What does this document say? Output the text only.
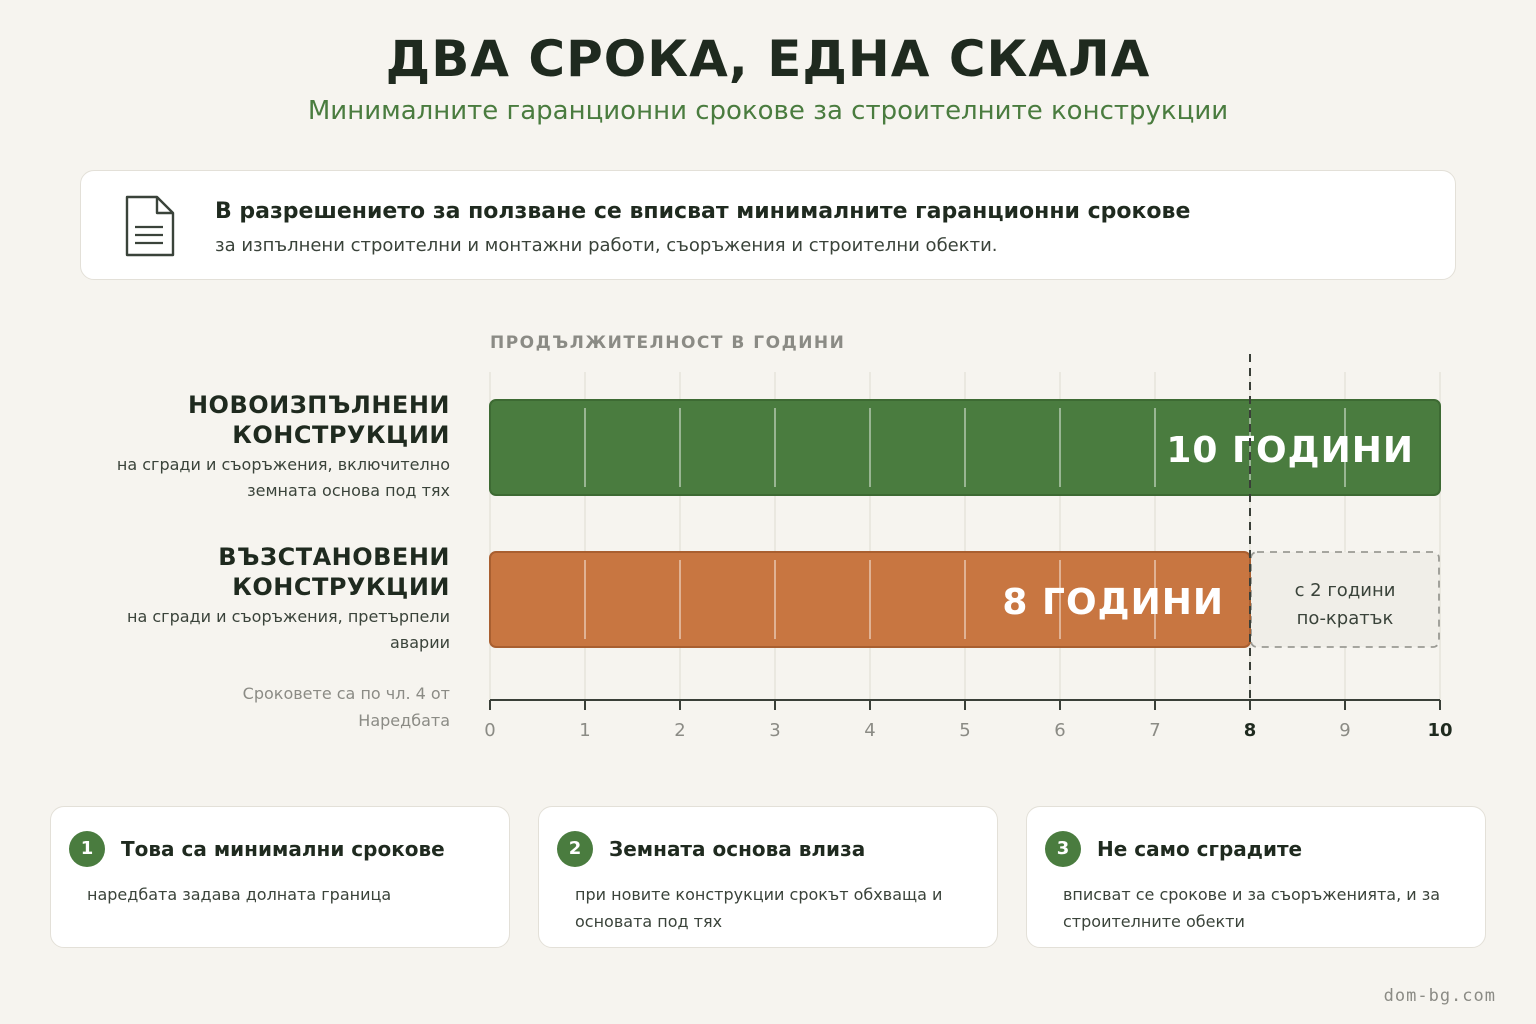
ДВА СРОКА, ЕДНА СКАЛА
Минималните гаранционни срокове за строителните конструкции
В разрешението за ползване се вписват минималните гаранционни срокове
за изпълнени строителни и монтажни работи, съоръжения и строителни обекти.
ПРОДЪЛЖИТЕЛНОСТ В ГОДИНИ
НОВОИЗПЪЛНЕНИ КОНСТРУКЦИИ
на сгради и съоръжения, включително земната основа под тях
ВЪЗСТАНОВЕНИ КОНСТРУКЦИИ
на сгради и съоръжения, претърпели аварии
Сроковете са по чл. 4 от Наредбата
с 2 години
по-кратък
10 ГОДИНИ
8 ГОДИНИ
0	1	2	3	4	5	6	7	8	9	10
1	Това са минимални срокове
наредбата задава долната граница
2	Земната основа влиза
при новите конструкции срокът обхваща и основата под тях
3	Не само сградите
вписват се срокове и за съоръженията, и за строителните обекти
dom-bg.com
